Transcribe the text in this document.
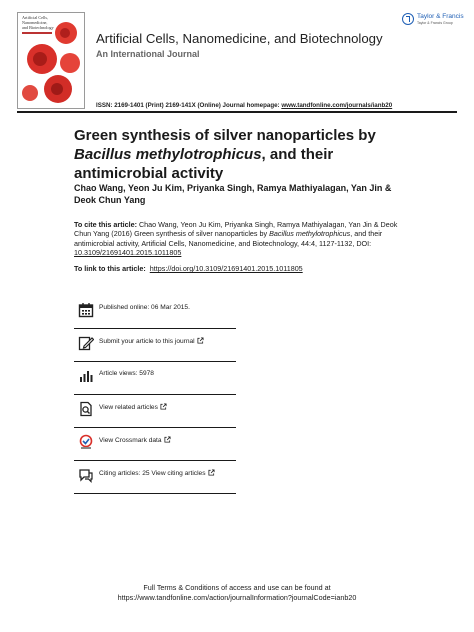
Artificial Cells,
Nanomedicine,
and Biotechnology
Taylor & Francis
Taylor & Francis Group
Artificial Cells, Nanomedicine, and Biotechnology
An International Journal
ISSN: 2169-1401 (Print) 2169-141X (Online) Journal homepage: www.tandfonline.com/journals/ianb20
Green synthesis of silver nanoparticles by Bacillus methylotrophicus, and their antimicrobial activity
Chao Wang, Yeon Ju Kim, Priyanka Singh, Ramya Mathiyalagan, Yan Jin & Deok Chun Yang
To cite this article: Chao Wang, Yeon Ju Kim, Priyanka Singh, Ramya Mathiyalagan, Yan Jin & Deok Chun Yang (2016) Green synthesis of silver nanoparticles by Bacillus methylotrophicus, and their antimicrobial activity, Artificial Cells, Nanomedicine, and Biotechnology, 44:4, 1127-1132, DOI: 10.3109/21691401.2015.1011805
To link to this article: https://doi.org/10.3109/21691401.2015.1011805
Published online: 06 Mar 2015.
Submit your article to this journal
Article views: 5978
View related articles
View Crossmark data
Citing articles: 25 View citing articles
Full Terms & Conditions of access and use can be found at
https://www.tandfonline.com/action/journalInformation?journalCode=ianb20
